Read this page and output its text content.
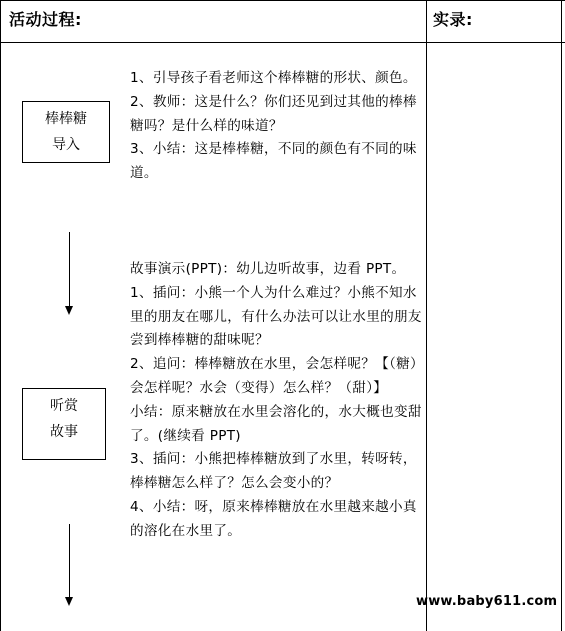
活动过程:	实录:
棒棒糖
导入
听赏
故事

1、引导孩子看老师这个棒棒糖的形状、颜色。

2、教师：这是什么？你们还见到过其他的棒棒糖吗？是什么样的味道？

3、小结：这是棒棒糖，不同的颜色有不同的味道。

故事演示(PPT)：幼儿边听故事，边看 PPT。

1、插问：小熊一个人为什么难过？小熊不知水里的朋友在哪儿，有什么办法可以让水里的朋友尝到棒棒糖的甜味呢？

2、追问：棒棒糖放在水里，会怎样呢？【（糖）会怎样呢？水会（变得）怎么样？（甜）】

小结：原来糖放在水里会溶化的，水大概也变甜了。(继续看 PPT)

3、插问：小熊把棒棒糖放到了水里，转呀转，棒棒糖怎么样了？怎么会变小的？

4、小结：呀，原来棒棒糖放在水里越来越小真的溶化在水里了。

www.baby611.com
